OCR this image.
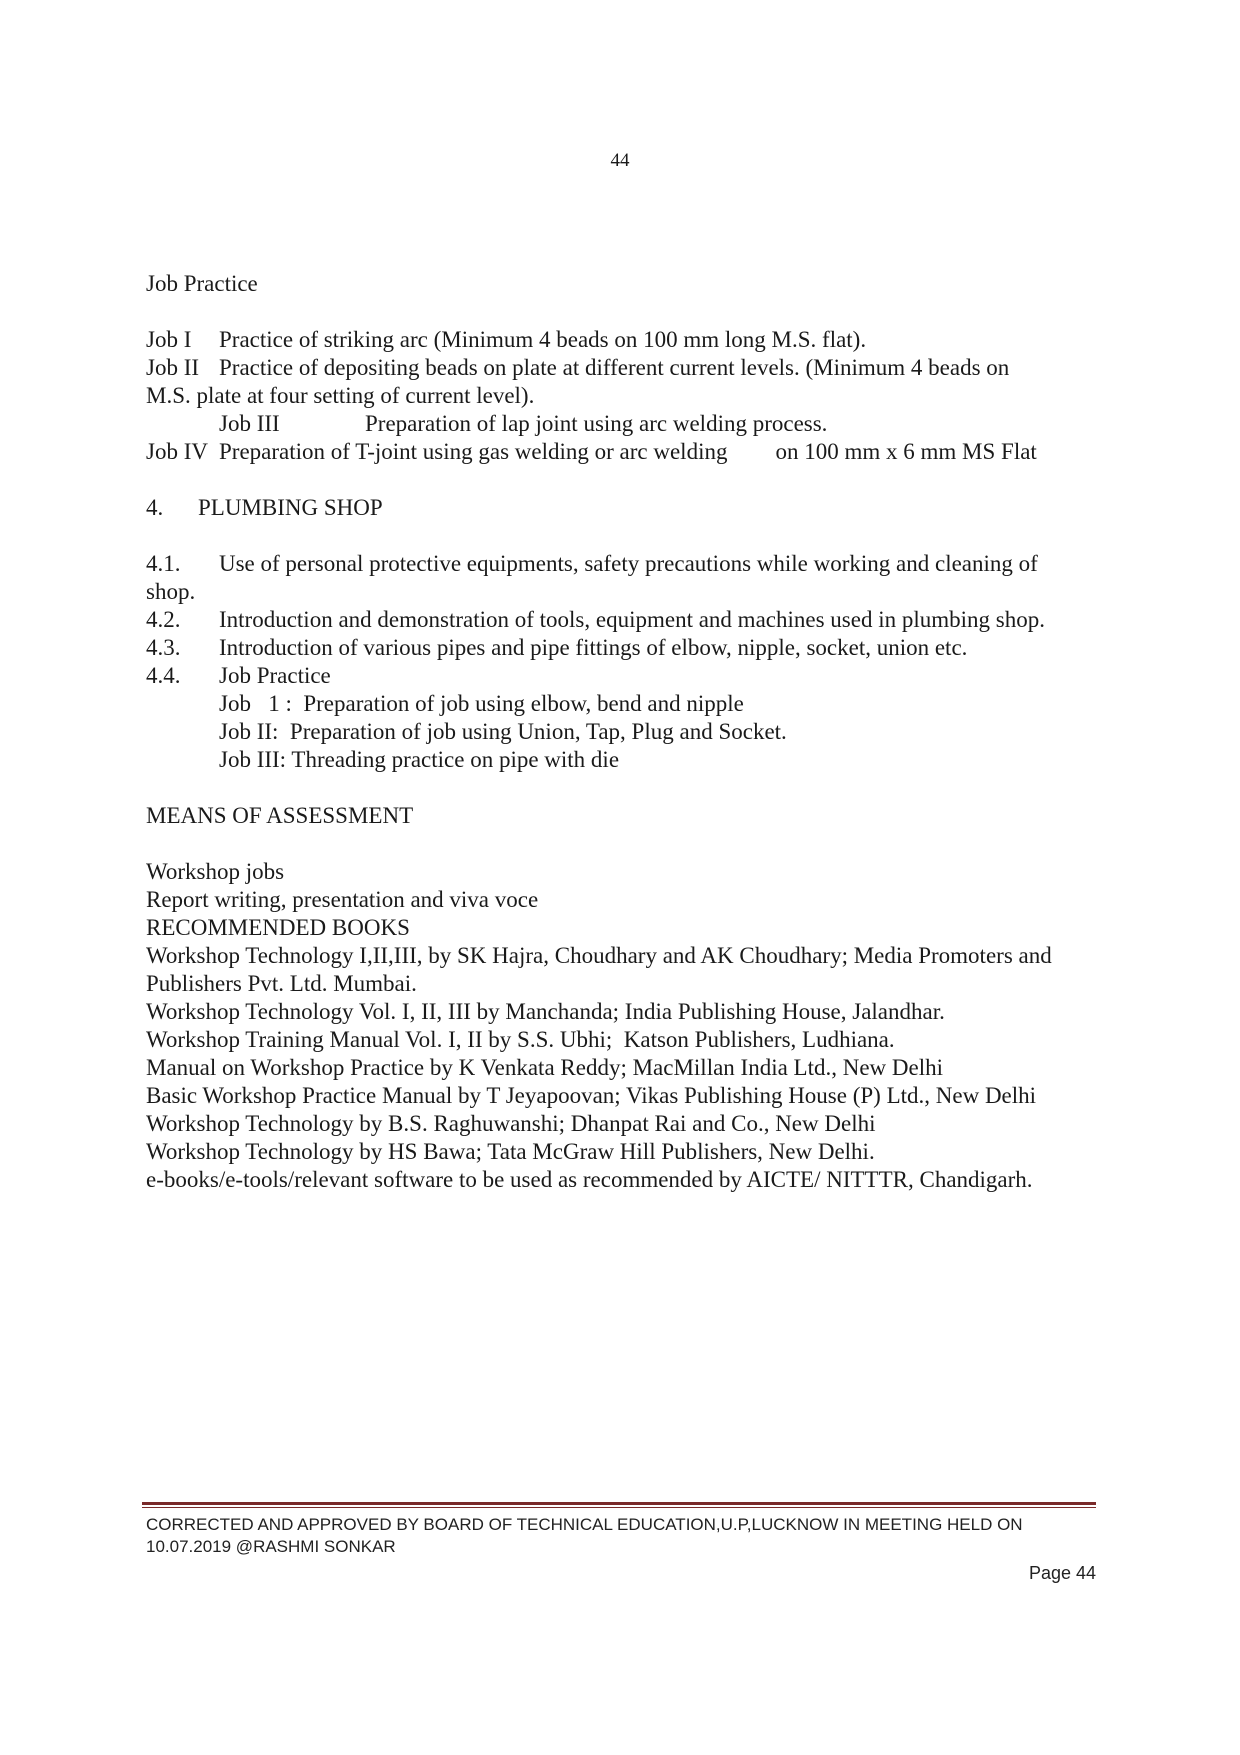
44
Job Practice
Job I Practice of striking arc (Minimum 4 beads on 100 mm long M.S. flat).
Job II Practice of depositing beads on plate at different current levels. (Minimum 4 beads on
M.S. plate at four setting of current level).
Job III	Preparation of lap joint using arc welding process.
Job IV Preparation of T-joint using gas welding or arc welding on 100 mm x 6 mm MS Flat
4. PLUMBING SHOP
4.1. Use of personal protective equipments, safety precautions while working and cleaning of
shop.
4.2. Introduction and demonstration of tools, equipment and machines used in plumbing shop.
4.3. Introduction of various pipes and pipe fittings of elbow, nipple, socket, union etc.
4.4. Job Practice
Job   1 :  Preparation of job using elbow, bend and nipple
Job II:  Preparation of job using Union, Tap, Plug and Socket.
Job III: Threading practice on pipe with die
MEANS OF ASSESSMENT
Workshop jobs
Report writing, presentation and viva voce
RECOMMENDED BOOKS
Workshop Technology I,II,III, by SK Hajra, Choudhary and AK Choudhary; Media Promoters and Publishers Pvt. Ltd. Mumbai.
Workshop Technology Vol. I, II, III by Manchanda; India Publishing House, Jalandhar.
Workshop Training Manual Vol. I, II by S.S. Ubhi;  Katson Publishers, Ludhiana.
Manual on Workshop Practice by K Venkata Reddy; MacMillan India Ltd., New Delhi
Basic Workshop Practice Manual by T Jeyapoovan; Vikas Publishing House (P) Ltd., New Delhi
Workshop Technology by B.S. Raghuwanshi; Dhanpat Rai and Co., New Delhi
Workshop Technology by HS Bawa; Tata McGraw Hill Publishers, New Delhi.
e-books/e-tools/relevant software to be used as recommended by AICTE/ NITTTR, Chandigarh.
CORRECTED AND APPROVED BY BOARD OF TECHNICAL EDUCATION,U.P,LUCKNOW IN MEETING HELD ON
10.07.2019 @RASHMI SONKAR
Page 44
